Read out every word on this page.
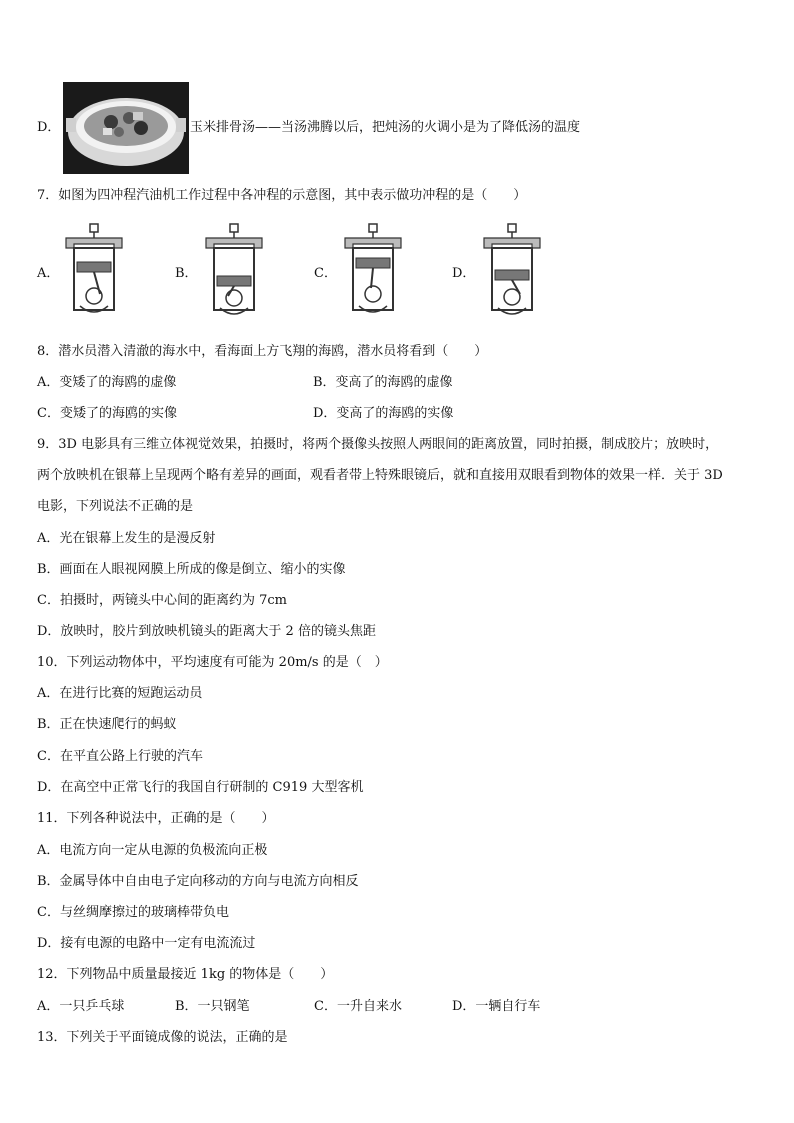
D．	玉米排骨汤——当汤沸腾以后，把炖汤的火调小是为了降低汤的温度
7．如图为四冲程汽油机工作过程中各冲程的示意图，其中表示做功冲程的是（　　）
A．	B．	C．	D．
8．潜水员潜入清澈的海水中，看海面上方飞翔的海鸥，潜水员将看到（　　）
A．变矮了的海鸥的虚像	B．变高了的海鸥的虚像
C．变矮了的海鸥的实像	D．变高了的海鸥的实像
9．3D 电影具有三维立体视觉效果，拍摄时，将两个摄像头按照人两眼间的距离放置，同时拍摄，制成胶片；放映时，
两个放映机在银幕上呈现两个略有差异的画面，观看者带上特殊眼镜后，就和直接用双眼看到物体的效果一样．关于 3D
电影，下列说法不正确的是
A．光在银幕上发生的是漫反射
B．画面在人眼视网膜上所成的像是倒立、缩小的实像
C．拍摄时，两镜头中心间的距离约为 7cm
D．放映时，胶片到放映机镜头的距离大于 2 倍的镜头焦距
10．下列运动物体中，平均速度有可能为 20m/s 的是（　）
A．在进行比赛的短跑运动员
B．正在快速爬行的蚂蚁
C．在平直公路上行驶的汽车
D．在高空中正常飞行的我国自行研制的 C919 大型客机
11．下列各种说法中，正确的是（　　）
A．电流方向一定从电源的负极流向正极
B．金属导体中自由电子定向移动的方向与电流方向相反
C．与丝绸摩擦过的玻璃棒带负电
D．接有电源的电路中一定有电流流过
12．下列物品中质量最接近 1kg 的物体是（　　）
A．一只乒乓球	B．一只钢笔	C．一升自来水	D．一辆自行车
13．下列关于平面镜成像的说法，正确的是
